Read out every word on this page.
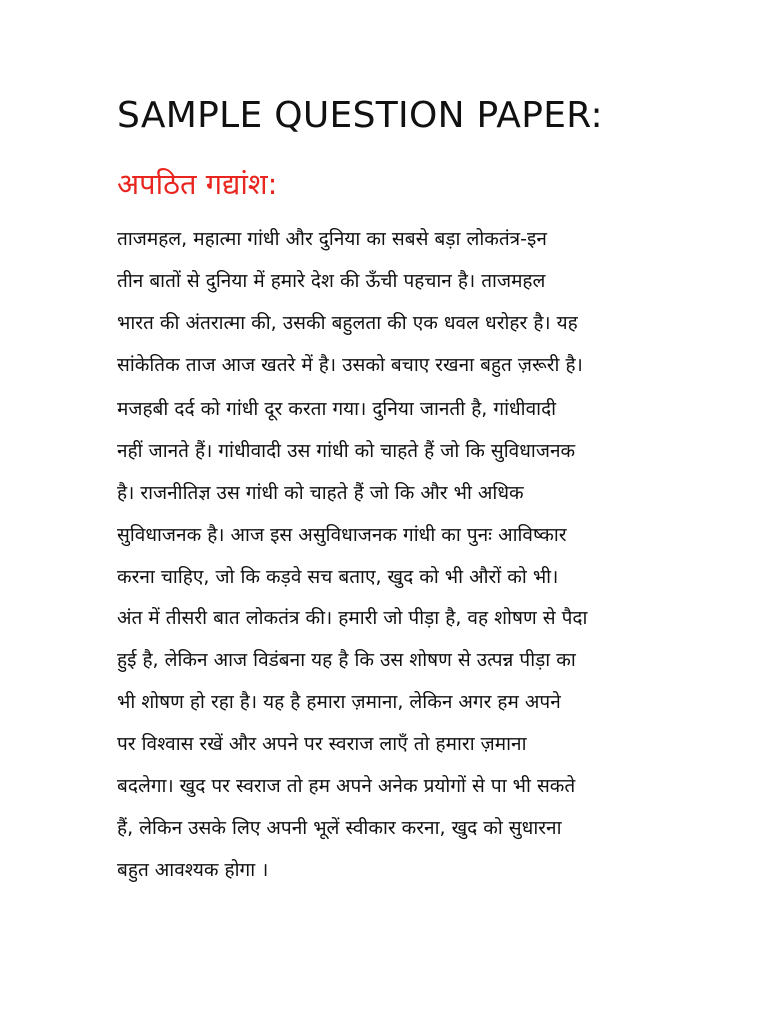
SAMPLE QUESTION PAPER:
अपठित गद्यांश:

ताजमहल, महात्मा गांधी और दुनिया का सबसे बड़ा लोकतंत्र-इन
तीन बातों से दुनिया में हमारे देश की ऊँची पहचान है। ताजमहल
भारत की अंतरात्मा की, उसकी बहुलता की एक धवल धरोहर है। यह
सांकेतिक ताज आज खतरे में है। उसको बचाए रखना बहुत ज़रूरी है।

मजहबी दर्द को गांधी दूर करता गया। दुनिया जानती है, गांधीवादी
नहीं जानते हैं। गांधीवादी उस गांधी को चाहते हैं जो कि सुविधाजनक
है। राजनीतिज्ञ उस गांधी को चाहते हैं जो कि और भी अधिक
सुविधाजनक है। आज इस असुविधाजनक गांधी का पुनः आविष्कार
करना चाहिए, जो कि कड़वे सच बताए, खुद को भी औरों को भी।

अंत में तीसरी बात लोकतंत्र की। हमारी जो पीड़ा है, वह शोषण से पैदा
हुई है, लेकिन आज विडंबना यह है कि उस शोषण से उत्पन्न पीड़ा का
भी शोषण हो रहा है। यह है हमारा ज़माना, लेकिन अगर हम अपने
पर विश्वास रखें और अपने पर स्वराज लाएँ तो हमारा ज़माना
बदलेगा। खुद पर स्वराज तो हम अपने अनेक प्रयोगों से पा भी सकते
हैं, लेकिन उसके लिए अपनी भूलें स्वीकार करना, खुद को सुधारना
बहुत आवश्यक होगा ।
